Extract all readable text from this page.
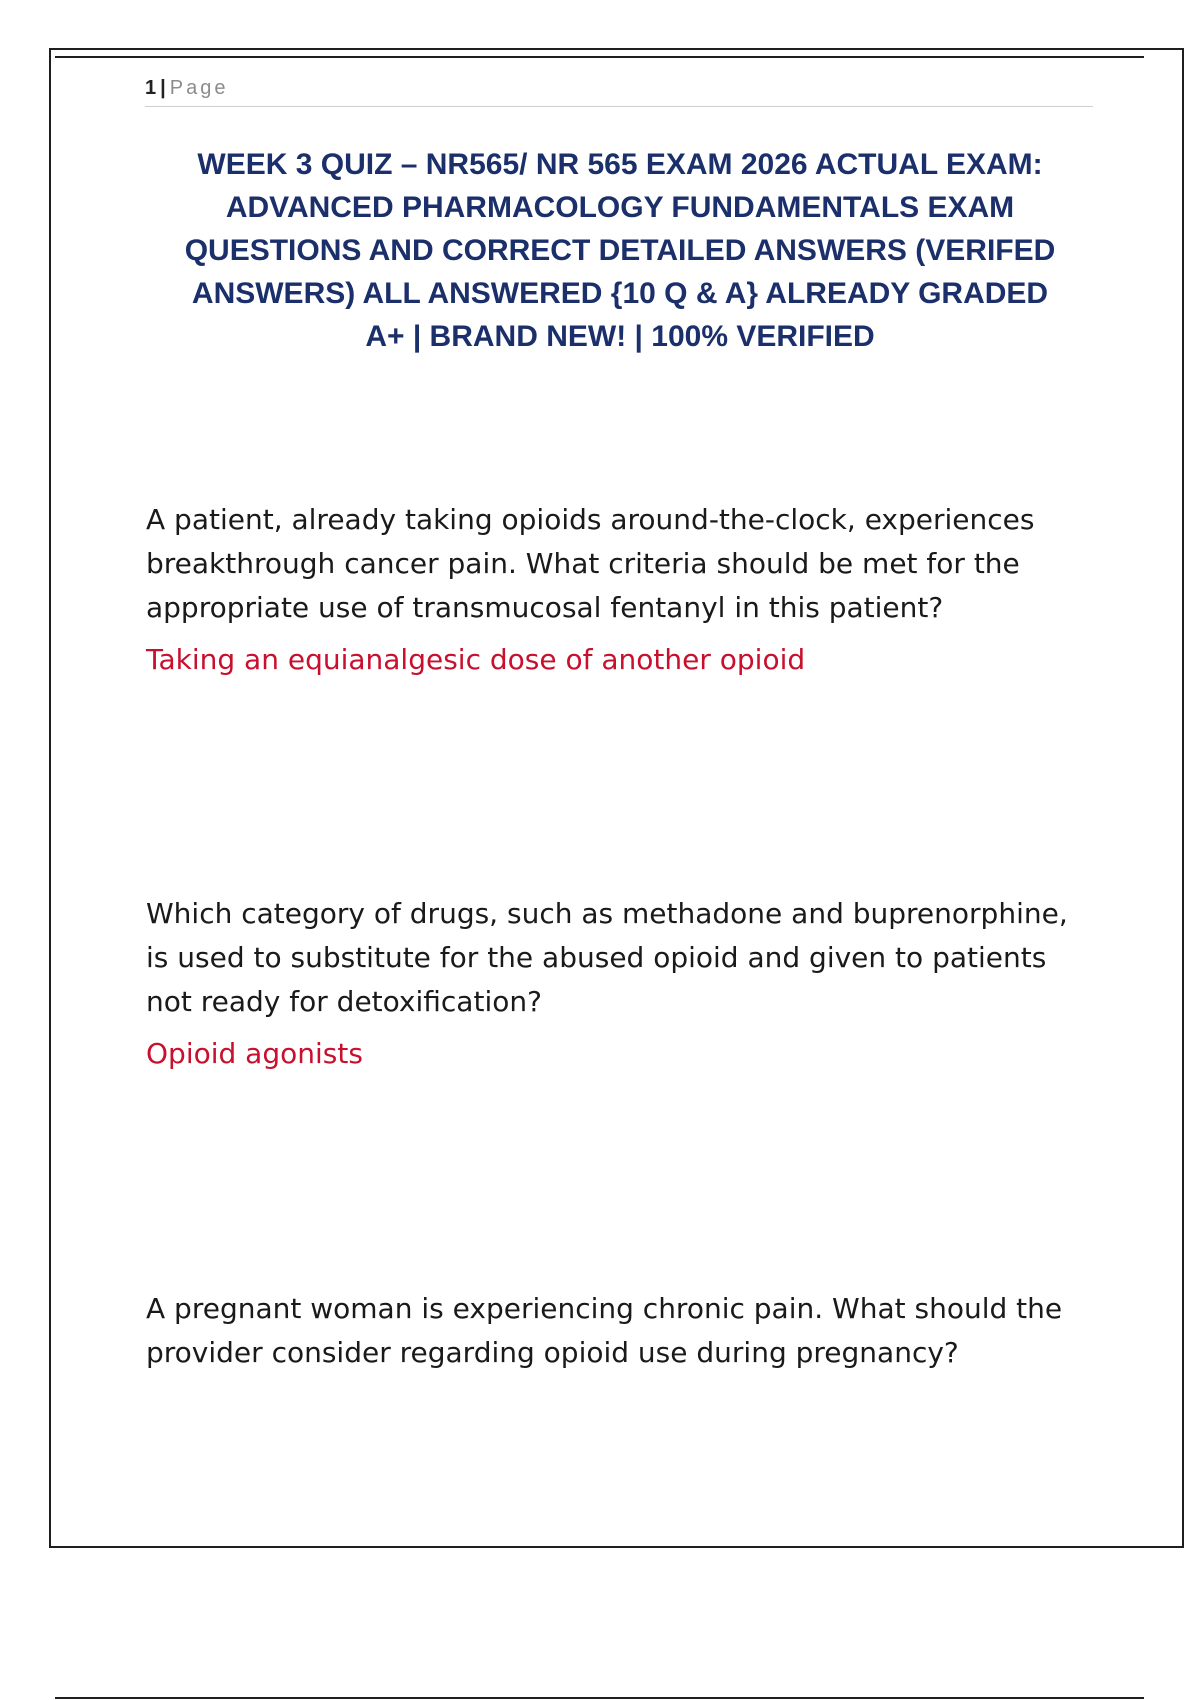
1 | Page
WEEK 3 QUIZ – NR565/ NR 565 EXAM 2026 ACTUAL EXAM:
ADVANCED PHARMACOLOGY FUNDAMENTALS EXAM
QUESTIONS AND CORRECT DETAILED ANSWERS (VERIFED
ANSWERS) ALL ANSWERED {10 Q & A} ALREADY GRADED
A+ | BRAND NEW! | 100% VERIFIED

A patient, already taking opioids around-the-clock, experiences
breakthrough cancer pain. What criteria should be met for the
appropriate use of transmucosal fentanyl in this patient?

Taking an equianalgesic dose of another opioid

Which category of drugs, such as methadone and buprenorphine,
is used to substitute for the abused opioid and given to patients
not ready for detoxification?

Opioid agonists

A pregnant woman is experiencing chronic pain. What should the
provider consider regarding opioid use during pregnancy?
